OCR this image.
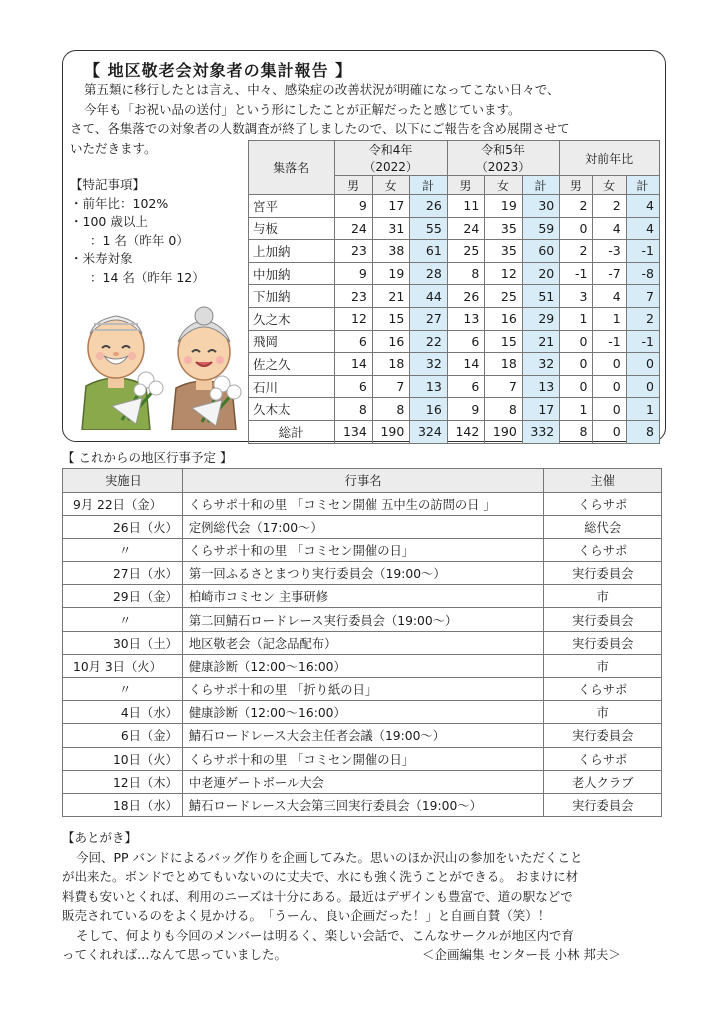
【 地区敬老会対象者の集計報告 】

第五類に移行したとは言え、中々、感染症の改善状況が明確になってこない日々で、

今年も「お祝い品の送付」という形にしたことが正解だったと感じています。

さて、各集落での対象者の人数調査が終了しましたので、以下にご報告を含め展開させて

いただきます。

【特記事項】
・前年比：102%
・100 歳以上
：1 名（昨年 0）
・米寿対象
：14 名（昨年 12）
集落名	令和4年
（2022）			令和5年
（2023）			対前年比		
	男	女	計	男	女	計	男	女	計
宮平	9	17	26	11	19	30	2	2	4
与板	24	31	55	24	35	59	0	4	4
上加納	23	38	61	25	35	60	2	-3	-1
中加納	9	19	28	8	12	20	-1	-7	-8
下加納	23	21	44	26	25	51	3	4	7
久之木	12	15	27	13	16	29	1	1	2
飛岡	6	16	22	6	15	21	0	-1	-1
佐之久	14	18	32	14	18	32	0	0	0
石川	6	7	13	6	7	13	0	0	0
久木太	8	8	16	9	8	17	1	0	1
総計	134	190	324	142	190	332	8	0	8
【 これからの地区行事予定 】
実施日	行事名	主催
9月 22日（金）	くらサポ十和の里 「コミセン開催 五中生の訪問の日 」	くらサポ
26日（火）	定例総代会（17:00～）	総代会
〃	くらサポ十和の里 「コミセン開催の日」	くらサポ
27日（水）	第一回ふるさとまつり実行委員会（19:00～）	実行委員会
29日（金）	柏崎市コミセン 主事研修	市
〃	第二回鯖石ロードレース実行委員会（19:00～）	実行委員会
30日（土）	地区敬老会（記念品配布）	実行委員会
10月 3日（火）	健康診断（12:00～16:00）	市
〃	くらサポ十和の里 「折り紙の日」	くらサポ
4日（水）	健康診断（12:00～16:00）	市
6日（金）	鯖石ロードレース大会主任者会議（19:00～）	実行委員会
10日（火）	くらサポ十和の里 「コミセン開催の日」	くらサポ
12日（木）	中老連ゲートボール大会	老人クラブ
18日（水）	鯖石ロードレース大会第三回実行委員会（19:00～）	実行委員会

【あとがき】

今回、PP バンドによるバッグ作りを企画してみた。思いのほか沢山の参加をいただくこと

が出来た。ボンドでとめてもいないのに丈夫で、水にも強く洗うことができる。 おまけに材

料費も安いとくれば、利用のニーズは十分にある。最近はデザインも豊富で、道の駅などで

販売されているのをよく見かける。　「うーん、良い企画だった！」と自画自賛（笑）！

そして、何よりも今回のメンバーは明るく、楽しい会話で、こんなサークルが地区内で育

ってくれれば…なんて思っていました。	＜企画編集 センター長 小林 邦夫＞
